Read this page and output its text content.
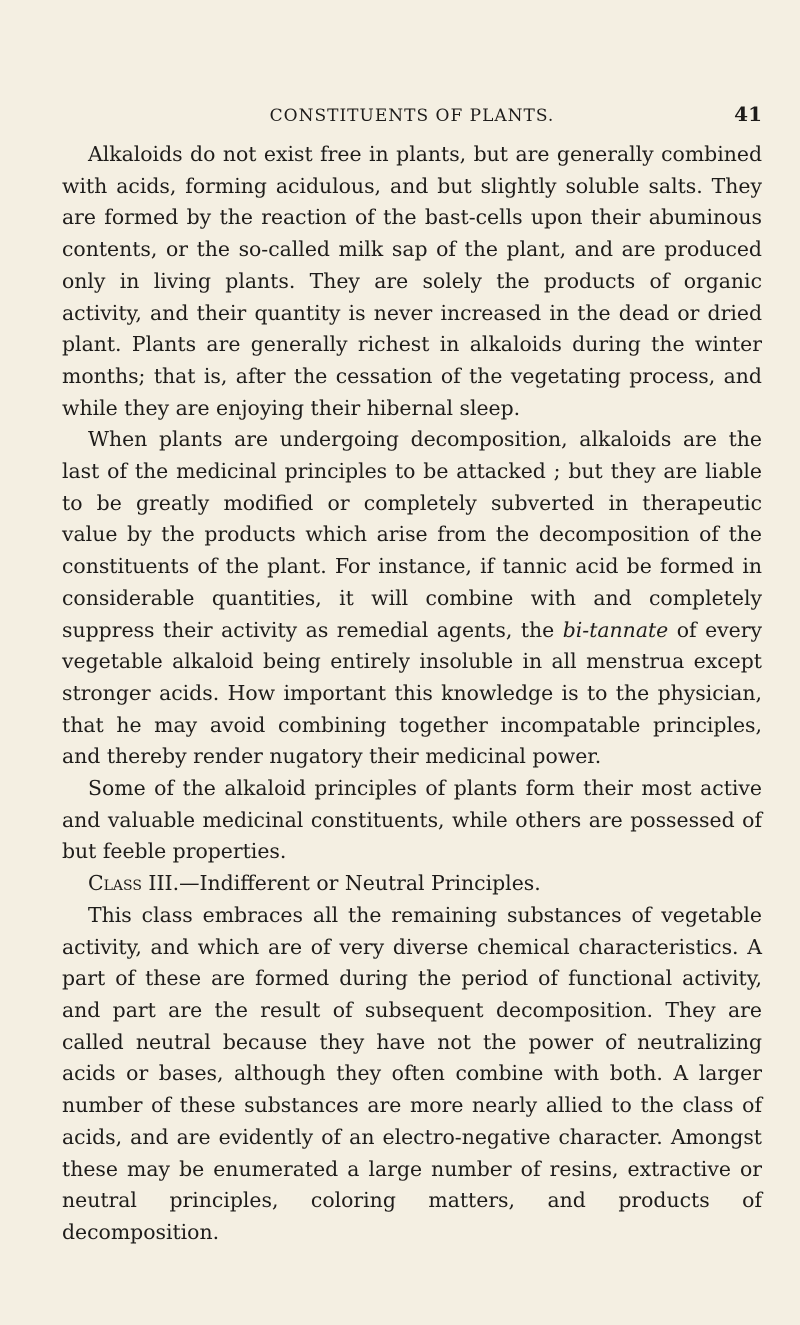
CONSTITUENTS OF PLANTS.	41

Alkaloids do not exist free in plants, but are generally combined with acids, forming acidulous, and but slightly soluble salts. They are formed by the reaction of the bast-cells upon their abuminous contents, or the so-called milk sap of the plant, and are produced only in living plants. They are solely the products of organic activity, and their quantity is never increased in the dead or dried plant. Plants are generally richest in alkaloids during the winter months; that is, after the cessation of the vegetating process, and while they are enjoying their hibernal sleep.

When plants are undergoing decomposition, alkaloids are the last of the medicinal principles to be attacked ; but they are liable to be greatly modified or completely subverted in therapeutic value by the products which arise from the decomposition of the constituents of the plant. For instance, if tannic acid be formed in considerable quantities, it will combine with and completely suppress their activity as remedial agents, the bi-tannate of every vegetable alkaloid being entirely insoluble in all menstrua except stronger acids. How important this knowledge is to the physician, that he may avoid combining together incompatable principles, and thereby render nugatory their medicinal power.

Some of the alkaloid principles of plants form their most active and valuable medicinal constituents, while others are possessed of but feeble properties.

Class III.—Indifferent or Neutral Principles.

This class embraces all the remaining substances of vegetable activity, and which are of very diverse chemical characteristics. A part of these are formed during the period of functional activity, and part are the result of subsequent decomposition. They are called neutral because they have not the power of neutralizing acids or bases, although they often combine with both. A larger number of these substances are more nearly allied to the class of acids, and are evidently of an electro-negative character. Amongst these may be enumerated a large number of resins, extractive or neutral principles, coloring matters, and products of decomposition.
